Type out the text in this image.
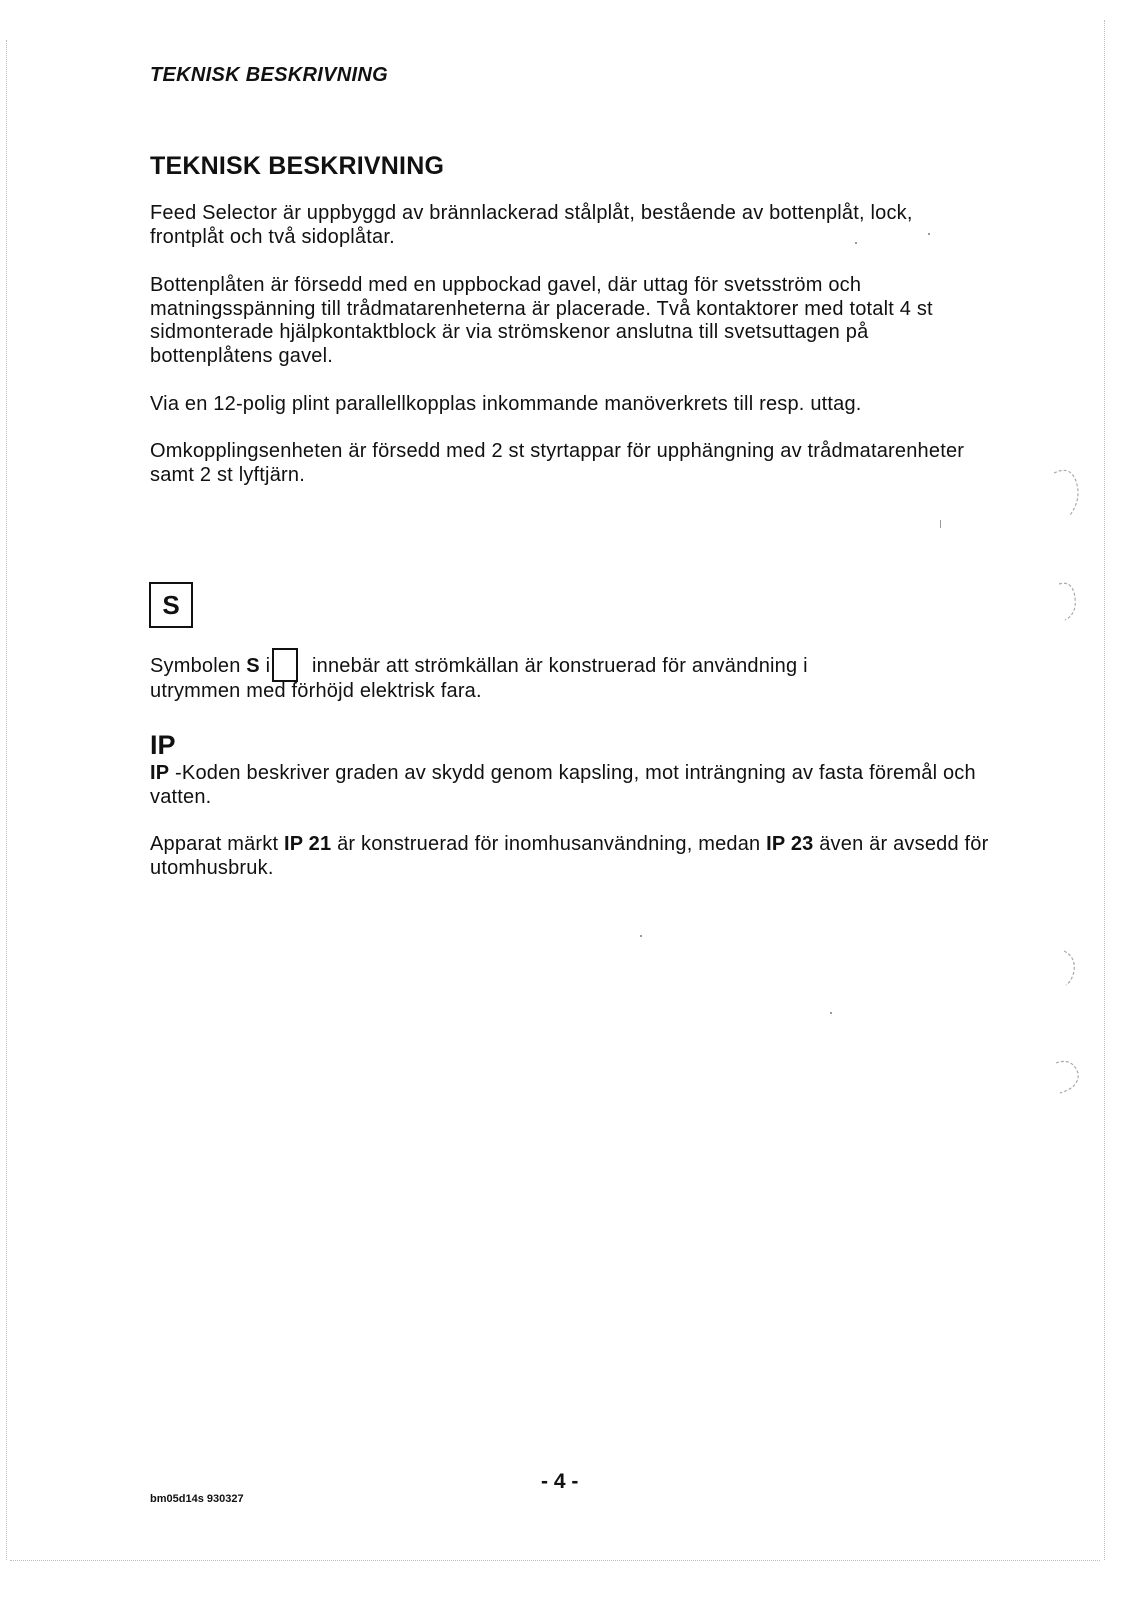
TEKNISK BESKRIVNING
TEKNISK BESKRIVNING
Feed Selector är uppbyggd av brännlackerad stålplåt, bestående av bottenplåt, lock, frontplåt och två sidoplåtar.
Bottenplåten är försedd med en uppbockad gavel, där uttag för svetsström och matningsspänning till trådmatarenheterna är placerade. Två kontaktorer med totalt 4 st sidmonterade hjälpkontaktblock är via strömskenor anslutna till svetsuttagen på bottenplåtens gavel.
Via en 12-polig plint parallellkopplas inkommande manöverkrets till resp. uttag.
Omkopplingsenheten är försedd med 2 st styrtappar för upphängning av trådmatarenheter samt 2 st lyftjärn.
S
Symbolen S i innebär att strömkällan är konstruerad för användning i
utrymmen med förhöjd elektrisk fara.
IP
IP -Koden beskriver graden av skydd genom kapsling, mot inträngning av fasta föremål och vatten.
Apparat märkt IP 21 är konstruerad för inomhusanvändning, medan IP 23 även är avsedd för utomhusbruk.
- 4 -
bm05d14s 930327
